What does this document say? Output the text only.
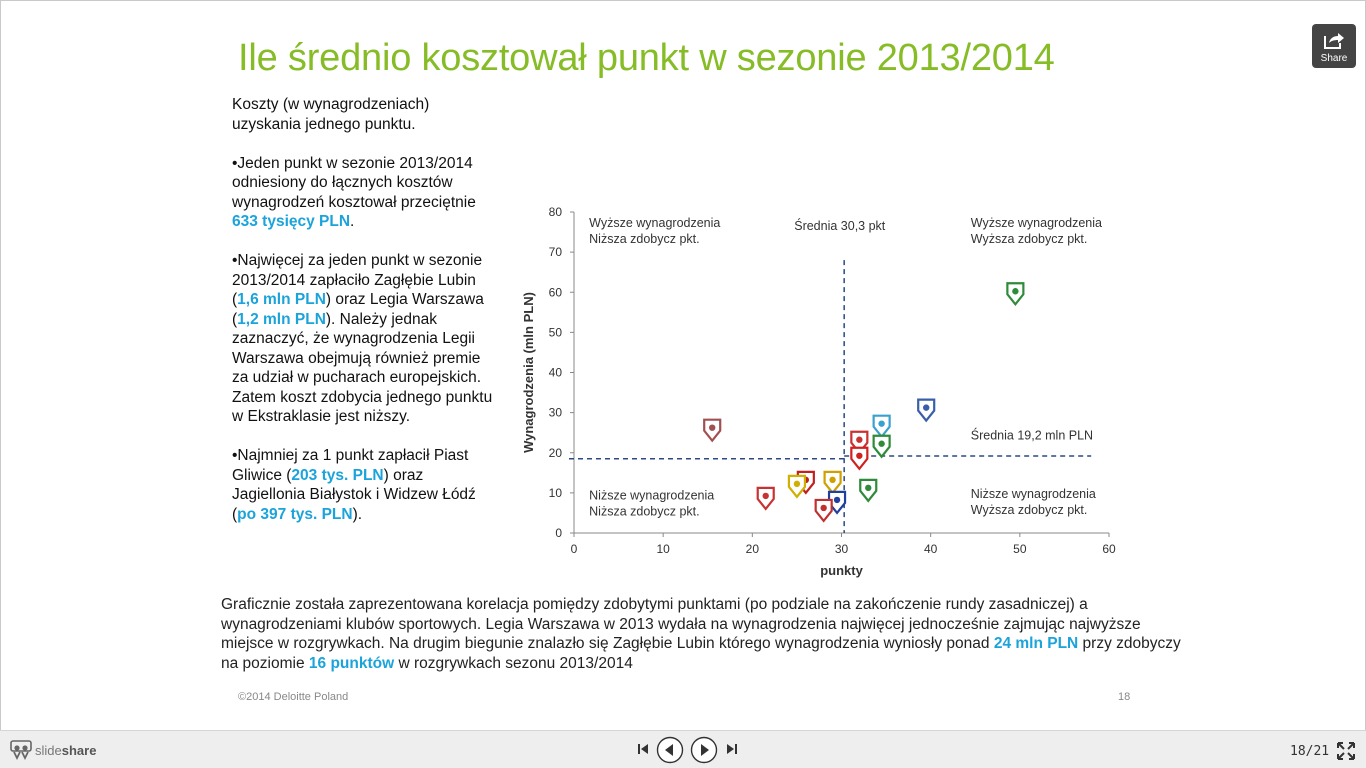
Ile średnio kosztował punkt w sezonie 2013/2014

Koszty (w wynagrodzeniach) uzyskania jednego punktu.

•Jeden punkt w sezonie 2013/2014 odniesiony do łącznych kosztów wynagrodzeń kosztował przeciętnie 633 tysięcy PLN.

•Najwięcej za jeden punkt w sezonie 2013/2014 zapłaciło Zagłębie Lubin (1,6 mln PLN) oraz Legia Warszawa (1,2 mln PLN). Należy jednak zaznaczyć, że wynagrodzenia Legii Warszawa obejmują również premie za udział w pucharach europejskich. Zatem koszt zdobycia jednego punktu w Ekstraklasie jest niższy.

•Najmniej za 1 punkt zapłacił Piast Gliwice (203 tys. PLN) oraz Jagiellonia Białystok i Widzew Łódź (po 397 tys. PLN).

0
10
20
30
40
50
60
70
80
0	10	20	30	40	50	60
punkty
Wynagrodzenia (mln PLN)
Średnia 30,3 pkt
Średnia 19,2 mln PLN
Wyższe wynagrodzenia
Niższa zdobycz pkt.
Wyższe wynagrodzenia
Wyższa zdobycz pkt.
Niższe wynagrodzenia
Niższa zdobycz pkt.
Niższe wynagrodzenia
Wyższa zdobycz pkt.
Graficznie została zaprezentowana korelacja pomiędzy zdobytymi punktami (po podziale na zakończenie rundy zasadniczej) a wynagrodzeniami klubów sportowych. Legia Warszawa w 2013 wydała na wynagrodzenia najwięcej jednocześnie zajmując najwyższe miejsce w rozgrywkach. Na drugim biegunie znalazło się Zagłębie Lubin którego wynagrodzenia wyniosły ponad 24 mln PLN przy zdobyczy na poziomie 16 punktów w rozgrywkach sezonu 2013/2014
©2014 Deloitte Poland	18
Share
slideshare	18/21
